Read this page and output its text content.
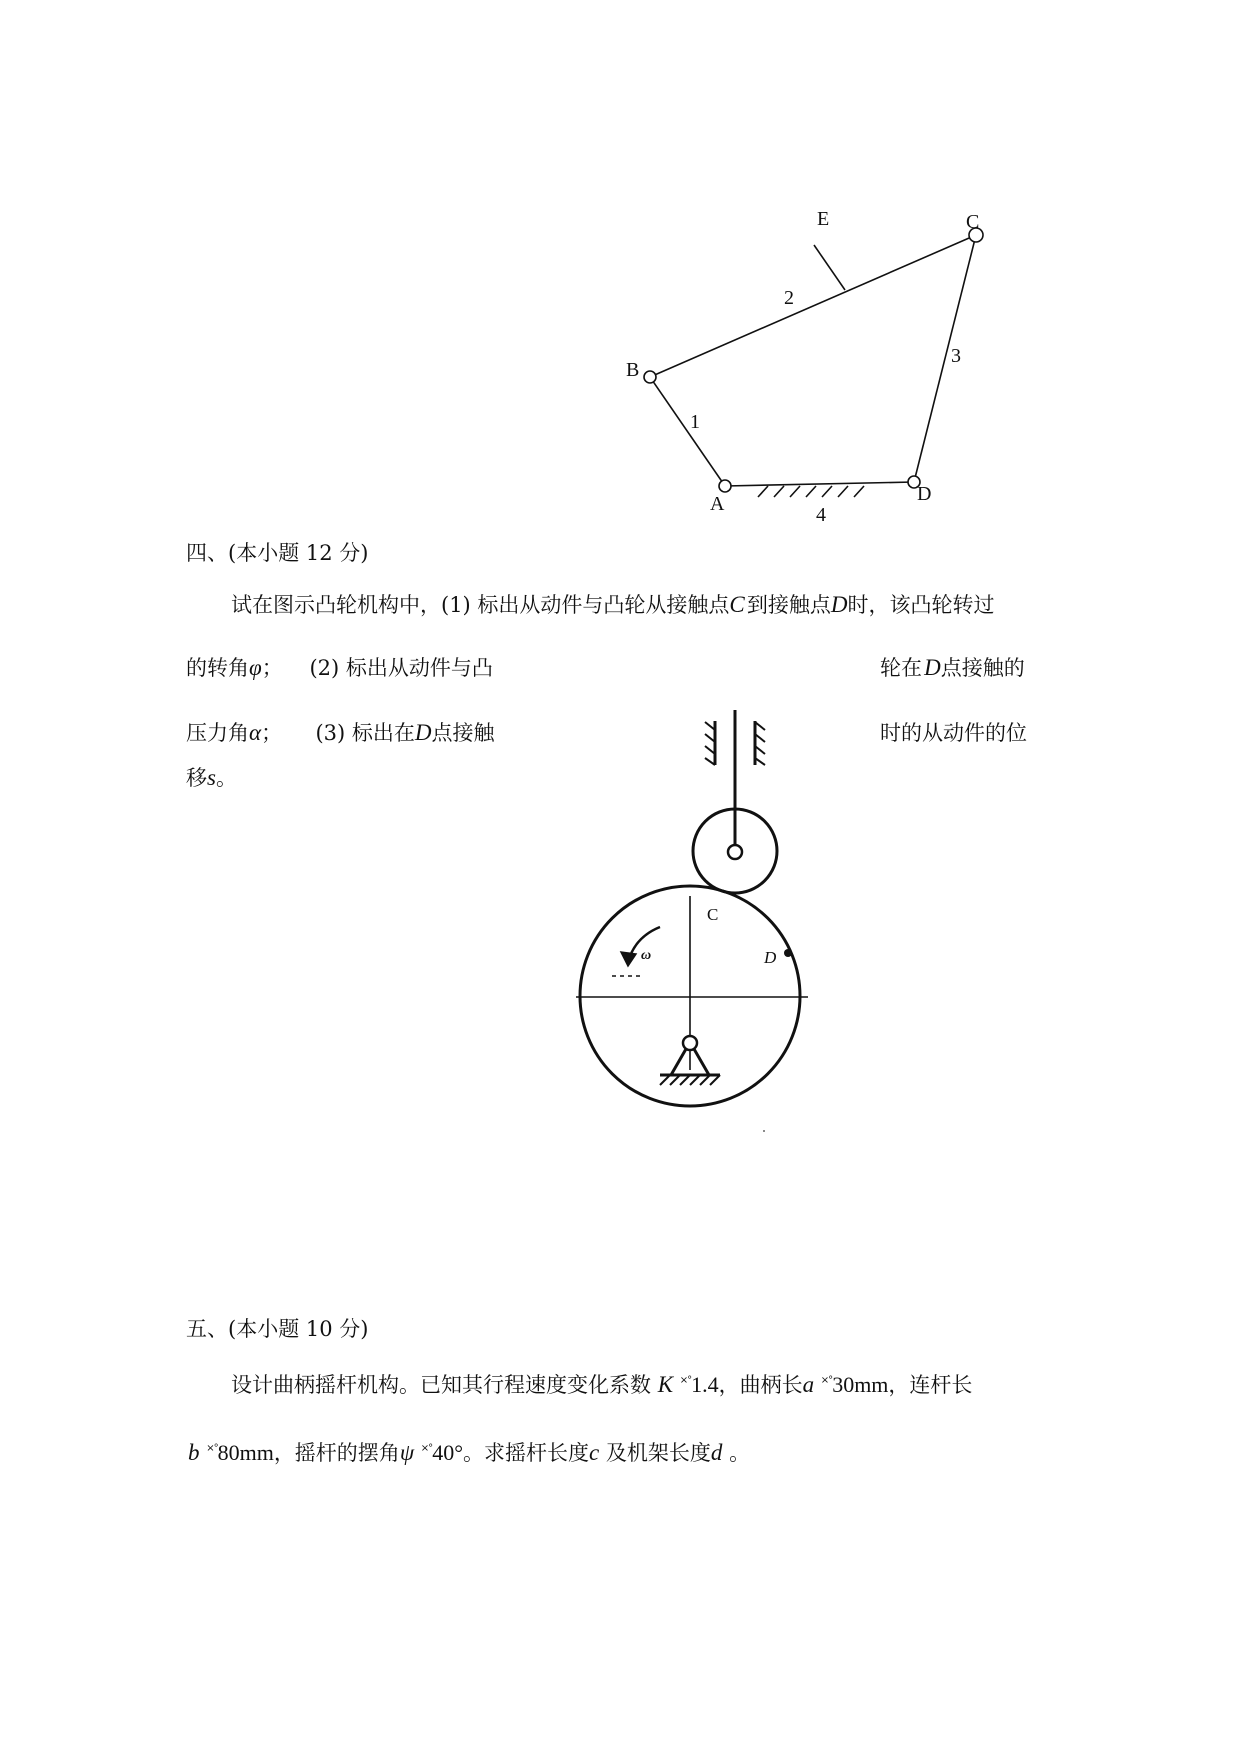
A
B
C
D
E
1
2
3
4
四、(本小题 12 分)
试在图示凸轮机构中，(1) 标出从动件与凸轮从接触点C 到接触点D时，该凸轮转过
的转角φ； (2) 标出从动件与凸	轮在 D点接触的
压力角α； (3) 标出在D点接触	时的从动件的位
移s。
C
D
ω
五、(本小题 10 分)
设计曲柄摇杆机构。已知其行程速度变化系数 K ×°1.4，曲柄长a ×°30mm，连杆长
b ×°80mm，摇杆的摆角ψ ×°40°。求摇杆长度c 及机架长度d 。
